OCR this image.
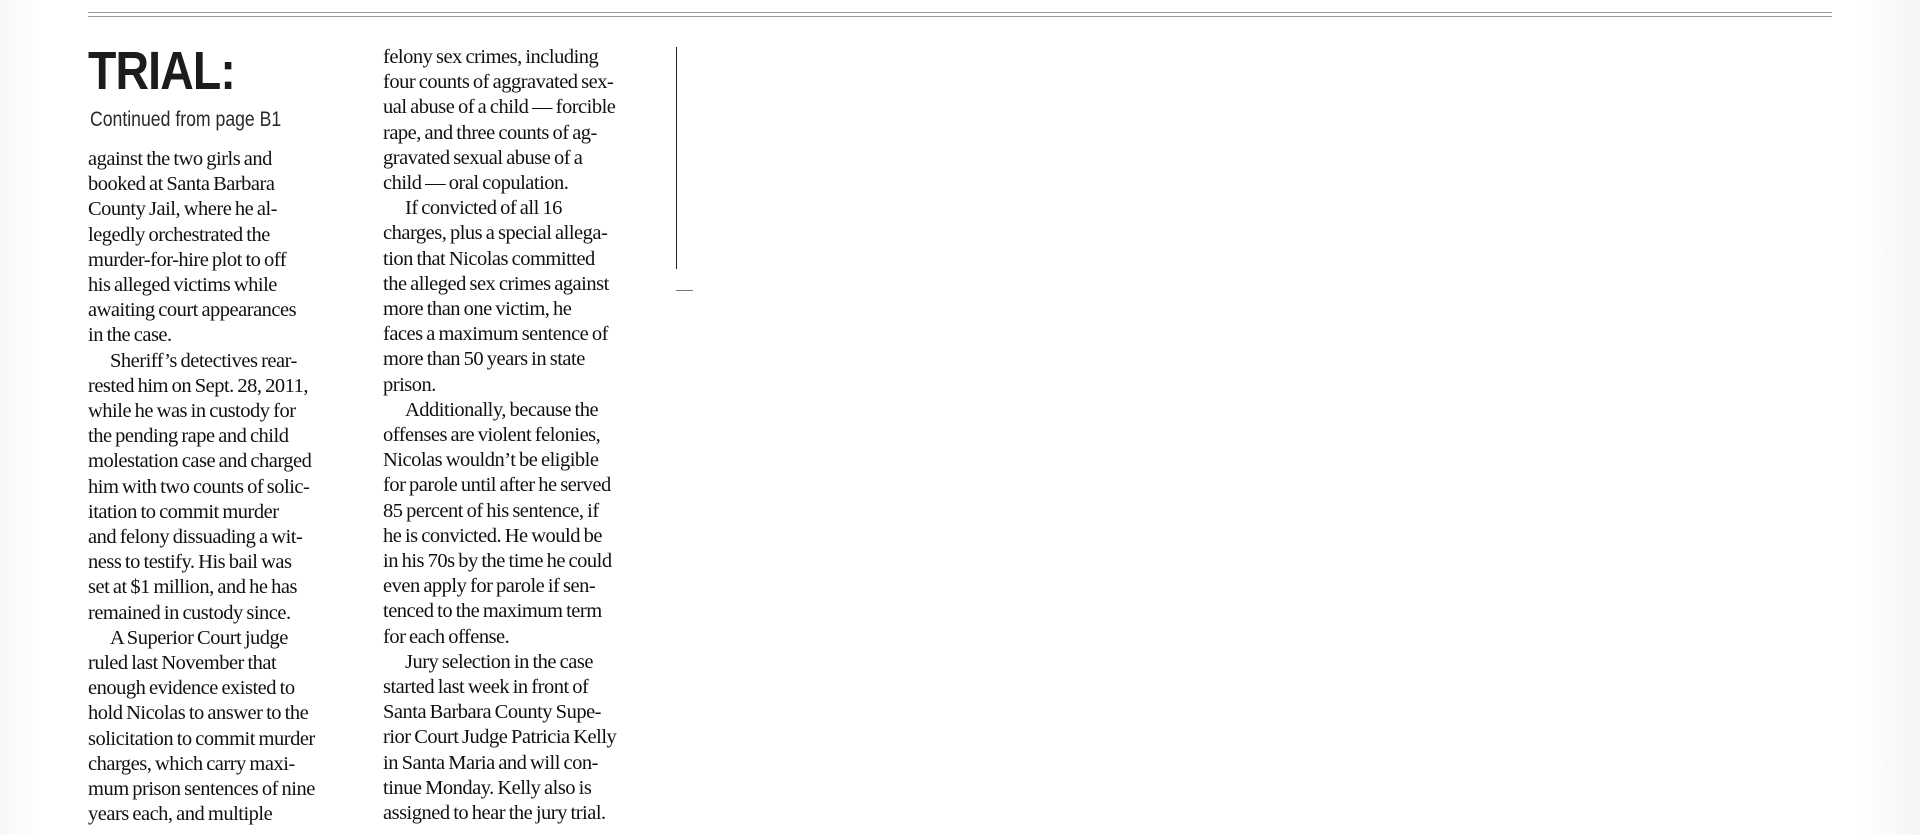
TRIAL:
Continued from page B1
against the two girls and
booked at Santa Barbara
County Jail, where he al-
legedly orchestrated the
murder-for-hire plot to off
his alleged victims while
awaiting court appearances
in the case.
Sheriff’s detectives rear-
rested him on Sept. 28, 2011,
while he was in custody for
the pending rape and child
molestation case and charged
him with two counts of solic-
itation to commit murder
and felony dissuading a wit-
ness to testify. His bail was
set at $1 million, and he has
remained in custody since.
A Superior Court judge
ruled last November that
enough evidence existed to
hold Nicolas to answer to the
solicitation to commit murder
charges, which carry maxi-
mum prison sentences of nine
years each, and multiple
felony sex crimes, including
four counts of aggravated sex-
ual abuse of a child — forcible
rape, and three counts of ag-
gravated sexual abuse of a
child — oral copulation.
If convicted of all 16
charges, plus a special allega-
tion that Nicolas committed
the alleged sex crimes against
more than one victim, he
faces a maximum sentence of
more than 50 years in state
prison.
Additionally, because the
offenses are violent felonies,
Nicolas wouldn’t be eligible
for parole until after he served
85 percent of his sentence, if
he is convicted. He would be
in his 70s by the time he could
even apply for parole if sen-
tenced to the maximum term
for each offense.
Jury selection in the case
started last week in front of
Santa Barbara County Supe-
rior Court Judge Patricia Kelly
in Santa Maria and will con-
tinue Monday. Kelly also is
assigned to hear the jury trial.
